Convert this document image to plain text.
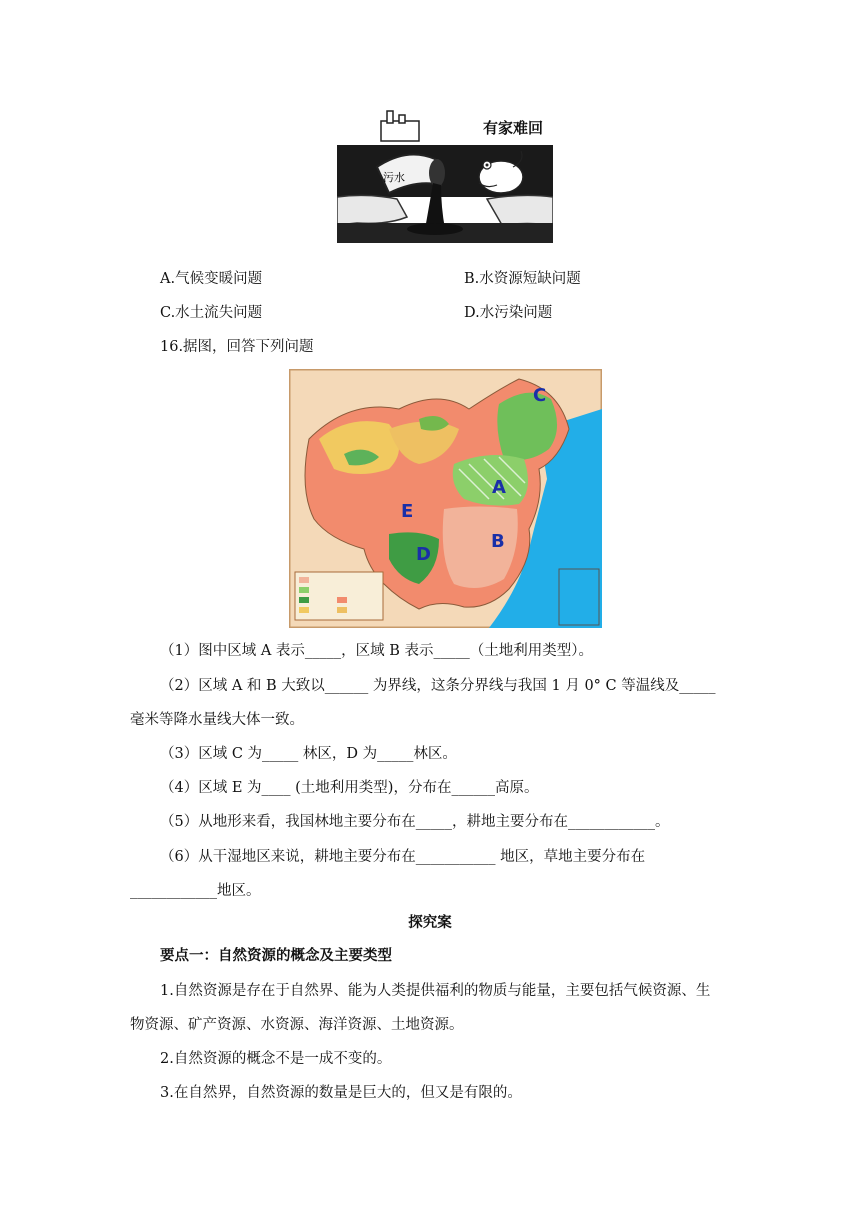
污水
有家难回
A.气候变暖问题	B.水资源短缺问题
C.水土流失问题	D.水污染问题
16.据图，回答下列问题
C
A
E
B
D
（1）图中区域 A 表示_____，区域 B 表示_____（土地利用类型）。
（2）区域 A 和 B 大致以______ 为界线，这条分界线与我国 1 月 0° C 等温线及_____
毫米等降水量线大体一致。
（3）区域 C 为_____ 林区，D 为_____林区。
（4）区域 E 为____ (土地利用类型)，分布在______高原。
（5）从地形来看，我国林地主要分布在_____，耕地主要分布在____________。
（6）从干湿地区来说，耕地主要分布在___________ 地区，草地主要分布在
____________地区。
探究案
要点一：自然资源的概念及主要类型
1.自然资源是存在于自然界、能为人类提供福利的物质与能量，主要包括气候资源、生
物资源、矿产资源、水资源、海洋资源、土地资源。
2.自然资源的概念不是一成不变的。
3.在自然界，自然资源的数量是巨大的，但又是有限的。
